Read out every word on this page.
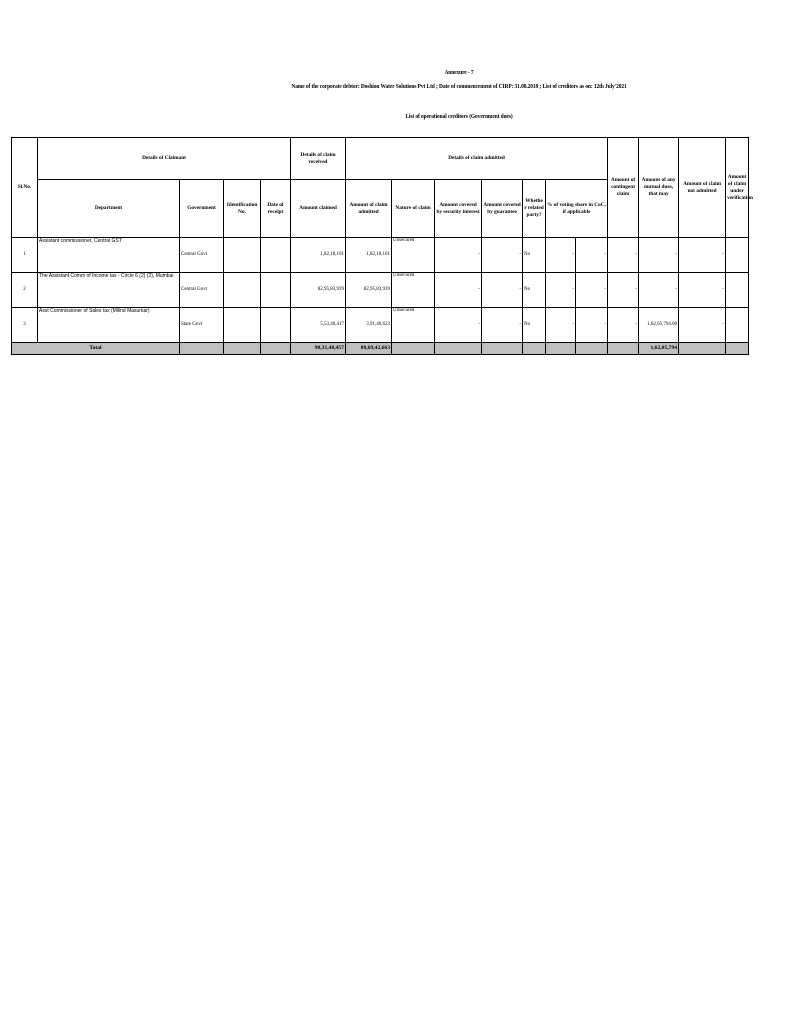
Annexure - 7
Name of the corporate debtor: Doshion Water Solutions Pvt Ltd ; Date of commencement of CIRP: 31.08.2018 ; List of creditors as on: 12th July'2021
List of operational creditors (Government dues)
Sl.No.	Details of Claimant				Details of claim received	Details of claim admitted							Amount of contingent claim	Amount of any mutual dues, that may	Amount of claim not admitted	Amount of claim under verification
	Department	Government	Identification No.	Date of receipt	Amount claimed	Amount of claim admitted	Nature of claim	Amount covered by security interest	Amount covered by guarantee	Whethe r related party?	% of voting share in CoC, if applicable					
1	Assistant commissioner, Central GST	Central Govt			1,82,18,101	1,82,18,101	Unsecured	-	-	No	-	-	-	-	-	
2	The Assistant Comm of Income tax - Circle 6 (2) (2), Mumbai	Central Govt			82,95,83,939	82,95,83,939	Unsecured	-	-	No	-	-	-	-	-	
3	Asst Commissioner of Sales tax (Milind Masurkar)	State Govt			5,53,46,417	3,91,40,623	Unsecured	-	-	No	-	-	-	1,62,05,794.00	-	
Total					90,31,48,457	88,69,42,663								1,62,05,794		
